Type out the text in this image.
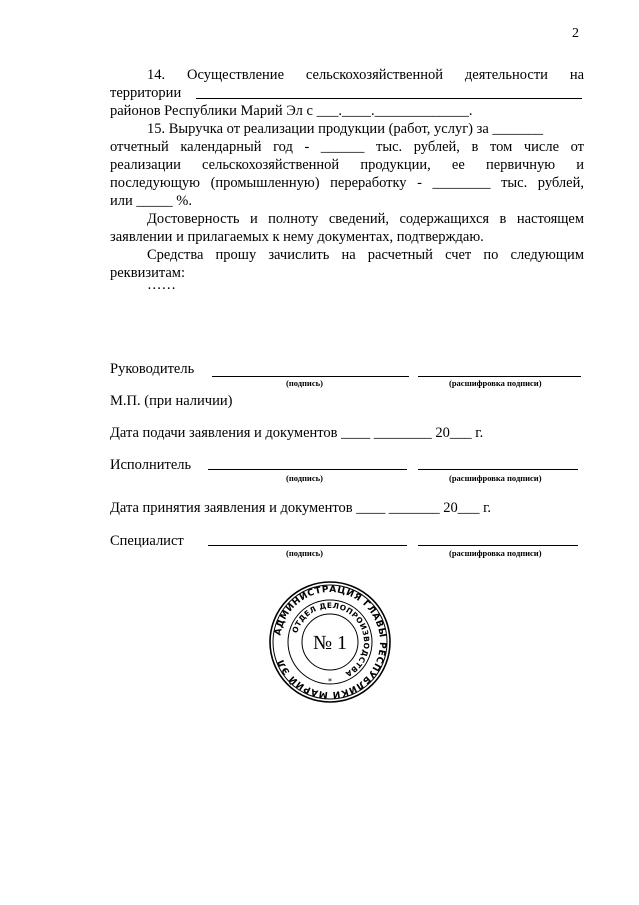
2
14. Осуществление сельскохозяйственной деятельности на
территории
районов Республики Марий Эл с ___.____._____________.
15. Выручка от реализации продукции (работ, услуг) за _______
отчетный календарный год - ______ тыс. рублей, в том числе от
реализации сельскохозяйственной продукции, ее первичную и
последующую (промышленную) переработку - ________ тыс. рублей,
или _____ %.
Достоверность и полноту сведений, содержащихся в настоящем
заявлении и прилагаемых к нему документах, подтверждаю.
Средства прошу зачислить на расчетный счет по следующим
реквизитам:
……
Руководитель
(подпись)	(расшифровка подписи)
М.П. (при наличии)
Дата подачи заявления и документов ____ ________ 20___ г.
Исполнитель
(подпись)	(расшифровка подписи)
Дата принятия заявления и документов ____ _______ 20___ г.
Специалист
(подпись)	(расшифровка подписи)
АДМИНИСТРАЦИЯ ГЛАВЫ РЕСПУБЛИКИ МАРИЙ ЭЛ
ОТДЕЛ ДЕЛОПРОИЗВОДСТВА
№ 1
*
